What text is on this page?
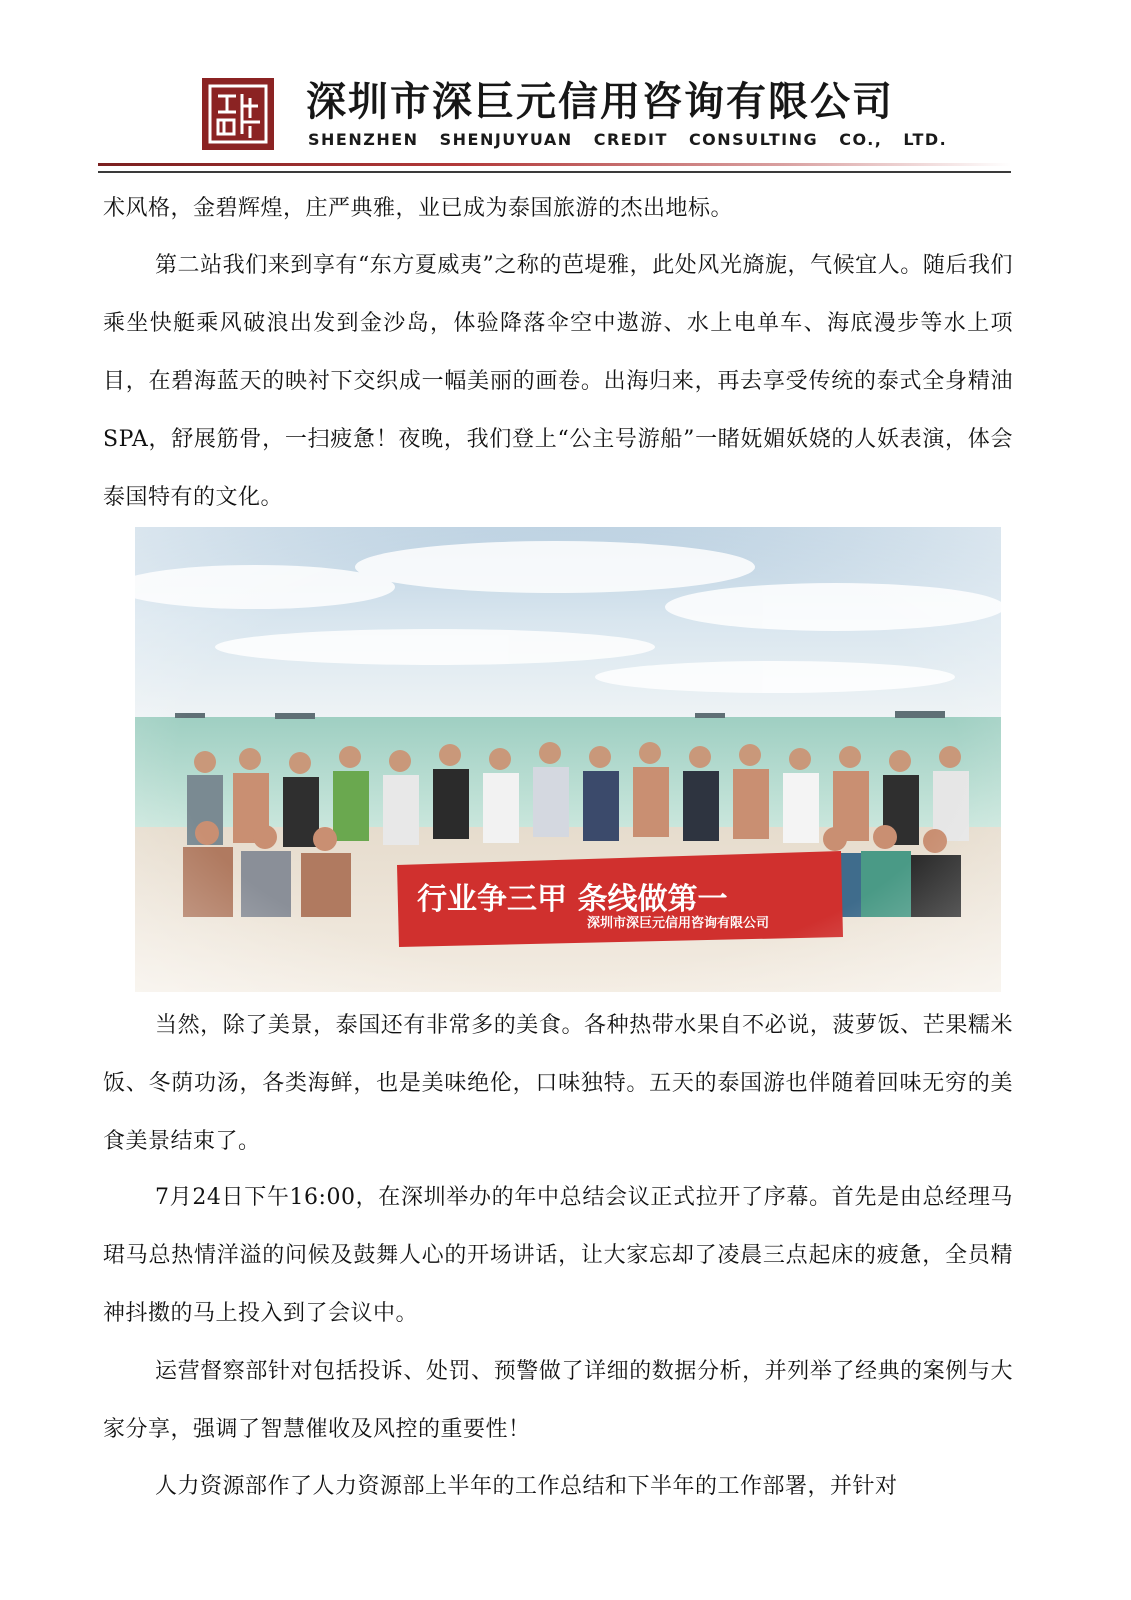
深圳市深巨元信用咨询有限公司
SHENZHEN SHENJUYUAN CREDIT CONSULTING CO., LTD.

术风格，金碧辉煌，庄严典雅，业已成为泰国旅游的杰出地标。

第二站我们来到享有“东方夏威夷”之称的芭堤雅，此处风光旖旎，气候宜人。随后我们乘坐快艇乘风破浪出发到金沙岛，体验降落伞空中遨游、水上电单车、海底漫步等水上项目，在碧海蓝天的映衬下交织成一幅美丽的画卷。出海归来，再去享受传统的泰式全身精油SPA，舒展筋骨，一扫疲惫！夜晚，我们登上“公主号游船”一睹妩媚妖娆的人妖表演，体会泰国特有的文化。

当然，除了美景，泰国还有非常多的美食。各种热带水果自不必说，菠萝饭、芒果糯米饭、冬荫功汤，各类海鲜，也是美味绝伦，口味独特。五天的泰国游也伴随着回味无穷的美食美景结束了。

7月24日下午16:00，在深圳举办的年中总结会议正式拉开了序幕。首先是由总经理马珺马总热情洋溢的问候及鼓舞人心的开场讲话，让大家忘却了凌晨三点起床的疲惫，全员精神抖擞的马上投入到了会议中。

运营督察部针对包括投诉、处罚、预警做了详细的数据分析，并列举了经典的案例与大家分享，强调了智慧催收及风控的重要性！

人力资源部作了人力资源部上半年的工作总结和下半年的工作部署，并针对
